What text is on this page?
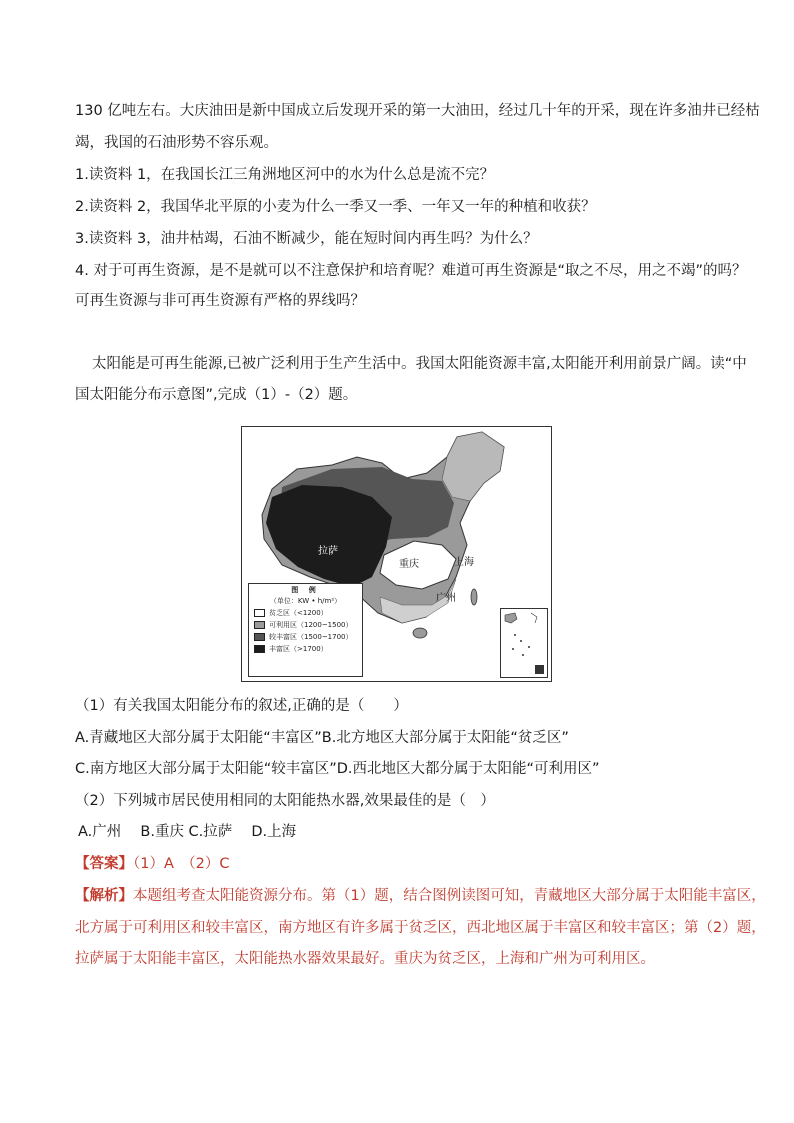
130 亿吨左右。大庆油田是新中国成立后发现开采的第一大油田，经过几十年的开采，现在许多油井已经枯
竭，我国的石油形势不容乐观。
1.读资料 1，在我国长江三角洲地区河中的水为什么总是流不完？
2.读资料 2，我国华北平原的小麦为什么一季又一季、一年又一年的种植和收获？
3.读资料 3，油井枯竭，石油不断减少，能在短时间内再生吗？为什么？
4. 对于可再生资源，是不是就可以不注意保护和培育呢？难道可再生资源是“取之不尽，用之不竭”的吗？
可再生资源与非可再生资源有严格的界线吗？
太阳能是可再生能源,已被广泛利用于生产生活中。我国太阳能资源丰富,太阳能开利用前景广阔。读“中
国太阳能分布示意图”,完成（1）-（2）题。
拉萨
重庆	上海
广州
图 例
（单位：KW • h/m²）
贫乏区（<1200）
可利用区（1200~1500）
较丰富区（1500~1700）
丰富区（>1700）
（1）有关我国太阳能分布的叙述,正确的是（　　）
A.青藏地区大部分属于太阳能“丰富区”B.北方地区大部分属于太阳能“贫乏区”
C.南方地区大部分属于太阳能“较丰富区”D.西北地区大都分属于太阳能“可利用区”
（2）下列城市居民使用相同的太阳能热水器,效果最佳的是（　）
A.广州　 B.重庆 C.拉萨　 D.上海
【答案】（1）A　（2）C
【解析】本题组考查太阳能资源分布。第（1）题，结合图例读图可知，青藏地区大部分属于太阳能丰富区，
北方属于可利用区和较丰富区，南方地区有许多属于贫乏区，西北地区属于丰富区和较丰富区；第（2）题，
拉萨属于太阳能丰富区，太阳能热水器效果最好。重庆为贫乏区，上海和广州为可利用区。
